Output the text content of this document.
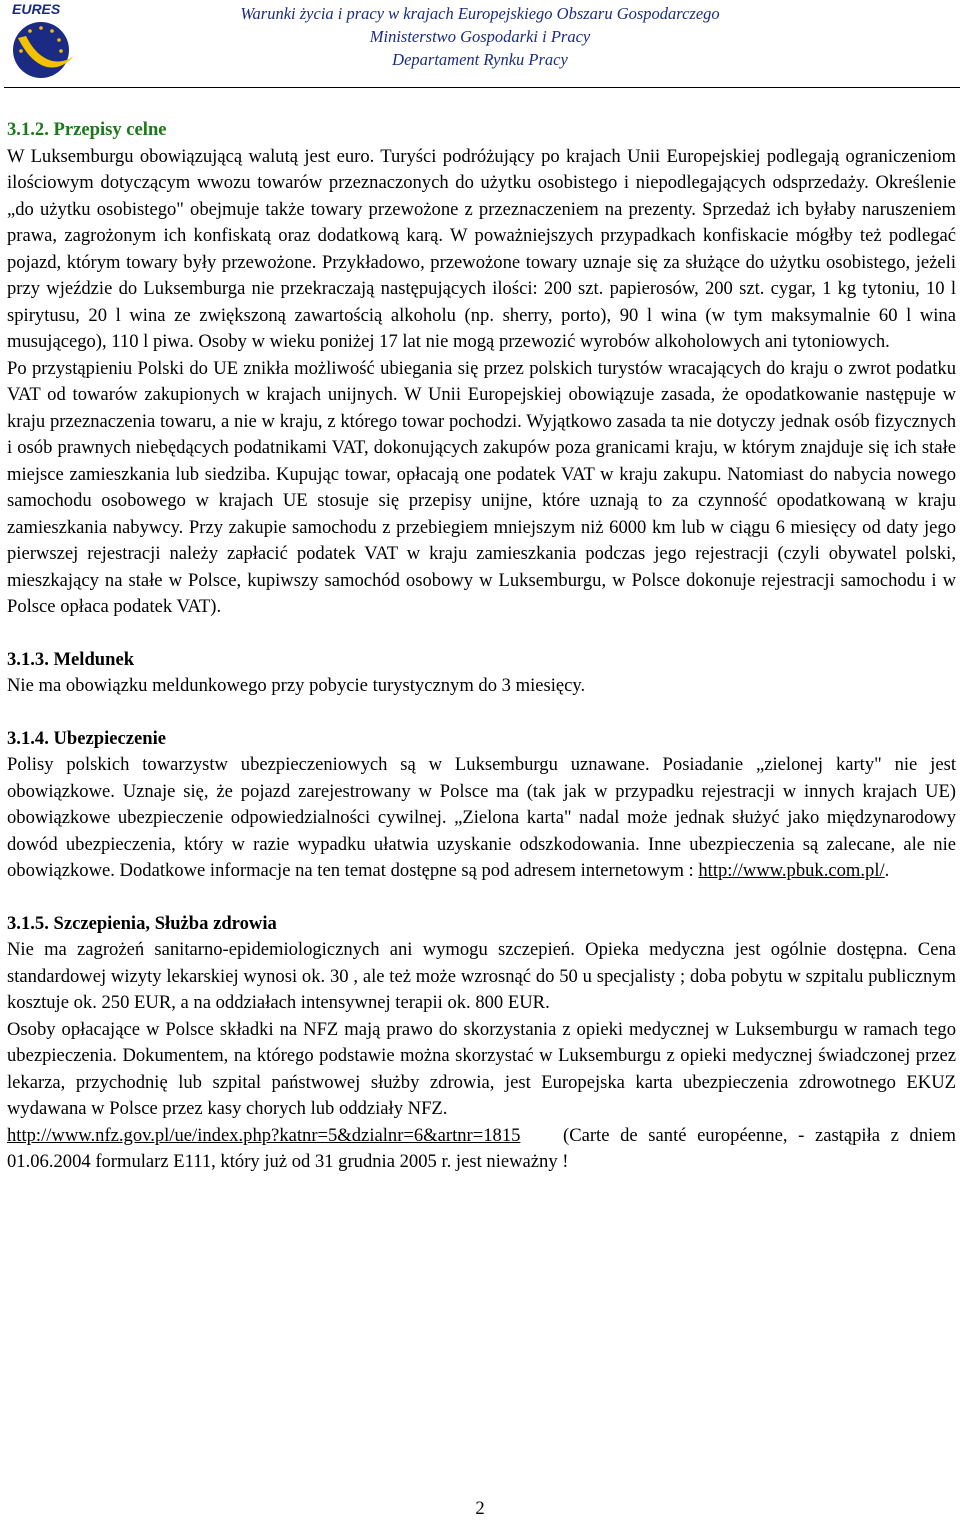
EURES	Warunki życia i pracy w krajach Europejskiego Obszaru Gospodarczego
Ministerstwo Gospodarki i Pracy
Departament Rynku Pracy
3.1.2. Przepisy celne

W Luksemburgu obowiązującą walutą jest euro. Turyści podróżujący po krajach Unii Europejskiej podlegają ograniczeniom ilościowym dotyczącym wwozu towarów przeznaczonych do użytku osobistego i niepodlegających odsprzedaży. Określenie „do użytku osobistego" obejmuje także towary przewożone z przeznaczeniem na prezenty. Sprzedaż ich byłaby naruszeniem prawa, zagrożonym ich konfiskatą oraz dodatkową karą. W poważniejszych przypadkach konfiskacie mógłby też podlegać pojazd, którym towary były przewożone. Przykładowo, przewożone towary uznaje się za służące do użytku osobistego, jeżeli przy wjeździe do Luksemburga nie przekraczają następujących ilości: 200 szt. papierosów, 200 szt. cygar, 1 kg tytoniu, 10 l spirytusu, 20 l wina ze zwiększoną zawartością alkoholu (np. sherry, porto), 90 l wina (w tym maksymalnie 60 l wina musującego), 110 l piwa. Osoby w wieku poniżej 17 lat nie mogą przewozić wyrobów alkoholowych ani tytoniowych.

Po przystąpieniu Polski do UE znikła możliwość ubiegania się przez polskich turystów wracających do kraju o zwrot podatku VAT od towarów zakupionych w krajach unijnych. W Unii Europejskiej obowiązuje zasada, że opodatkowanie następuje w kraju przeznaczenia towaru, a nie w kraju, z którego towar pochodzi. Wyjątkowo zasada ta nie dotyczy jednak osób fizycznych i osób prawnych niebędących podatnikami VAT, dokonujących zakupów poza granicami kraju, w którym znajduje się ich stałe miejsce zamieszkania lub siedziba. Kupując towar, opłacają one podatek VAT w kraju zakupu. Natomiast do nabycia nowego samochodu osobowego w krajach UE stosuje się przepisy unijne, które uznają to za czynność opodatkowaną w kraju zamieszkania nabywcy. Przy zakupie samochodu z przebiegiem mniejszym niż 6000 km lub w ciągu 6 miesięcy od daty jego pierwszej rejestracji należy zapłacić podatek VAT w kraju zamieszkania podczas jego rejestracji (czyli obywatel polski, mieszkający na stałe w Polsce, kupiwszy samochód osobowy w Luksemburgu, w Polsce dokonuje rejestracji samochodu i w Polsce opłaca podatek VAT).

3.1.3. Meldunek

Nie ma obowiązku meldunkowego przy pobycie turystycznym do 3 miesięcy.

3.1.4. Ubezpieczenie

Polisy polskich towarzystw ubezpieczeniowych są w Luksemburgu uznawane. Posiadanie „zielonej karty" nie jest obowiązkowe. Uznaje się, że pojazd zarejestrowany w Polsce ma (tak jak w przypadku rejestracji w innych krajach UE) obowiązkowe ubezpieczenie odpowiedzialności cywilnej. „Zielona karta" nadal może jednak służyć jako międzynarodowy dowód ubezpieczenia, który w razie wypadku ułatwia uzyskanie odszkodowania. Inne ubezpieczenia są zalecane, ale nie obowiązkowe. Dodatkowe informacje na ten temat dostępne są pod adresem internetowym : http://www.pbuk.com.pl/.

3.1.5. Szczepienia, Służba zdrowia

Nie ma zagrożeń sanitarno-epidemiologicznych ani wymogu szczepień. Opieka medyczna jest ogólnie dostępna. Cena standardowej wizyty lekarskiej wynosi ok. 30 , ale też może wzrosnąć do 50 u specjalisty ; doba pobytu w szpitalu publicznym kosztuje ok. 250 EUR, a na oddziałach intensywnej terapii ok. 800 EUR.

Osoby opłacające w Polsce składki na NFZ mają prawo do skorzystania z opieki medycznej w Luksemburgu w ramach tego ubezpieczenia. Dokumentem, na którego podstawie można skorzystać w Luksemburgu z opieki medycznej świadczonej przez lekarza, przychodnię lub szpital państwowej służby zdrowia, jest Europejska karta ubezpieczenia zdrowotnego EKUZ wydawana w Polsce przez kasy chorych lub oddziały NFZ.

http://www.nfz.gov.pl/ue/index.php?katnr=5&dzialnr=6&artnr=1815 (Carte de santé européenne, - zastąpiła z dniem 01.06.2004 formularz E111, który już od 31 grudnia 2005 r. jest nieważny !

2
